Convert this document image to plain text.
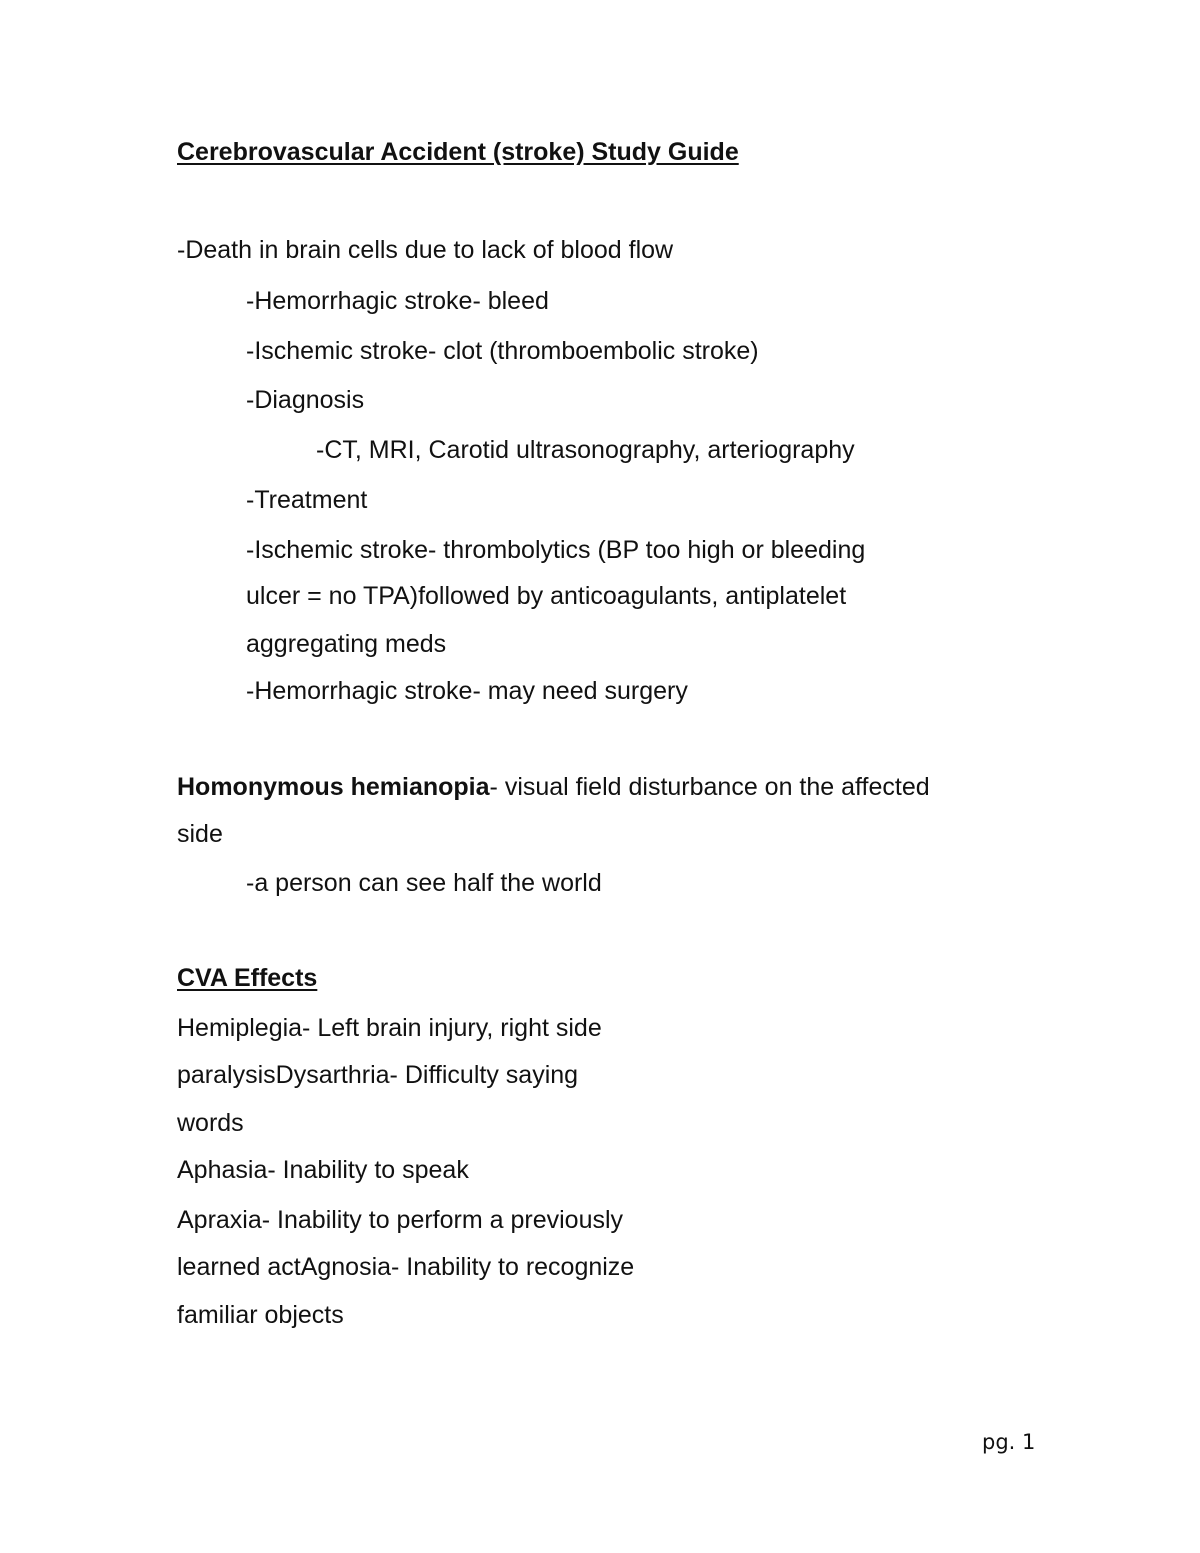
Cerebrovascular Accident (stroke) Study Guide
-Death in brain cells due to lack of blood flow
-Hemorrhagic stroke- bleed
-Ischemic stroke- clot (thromboembolic stroke)
-Diagnosis
-CT, MRI, Carotid ultrasonography, arteriography
-Treatment
-Ischemic stroke- thrombolytics (BP too high or bleeding
ulcer = no TPA)followed by anticoagulants, antiplatelet
aggregating meds
-Hemorrhagic stroke- may need surgery
Homonymous hemianopia- visual field disturbance on the affected
side
-a person can see half the world
CVA Effects
Hemiplegia- Left brain injury, right side
paralysisDysarthria- Difficulty saying
words
Aphasia- Inability to speak
Apraxia- Inability to perform a previously
learned actAgnosia- Inability to recognize
familiar objects
pg. 1
